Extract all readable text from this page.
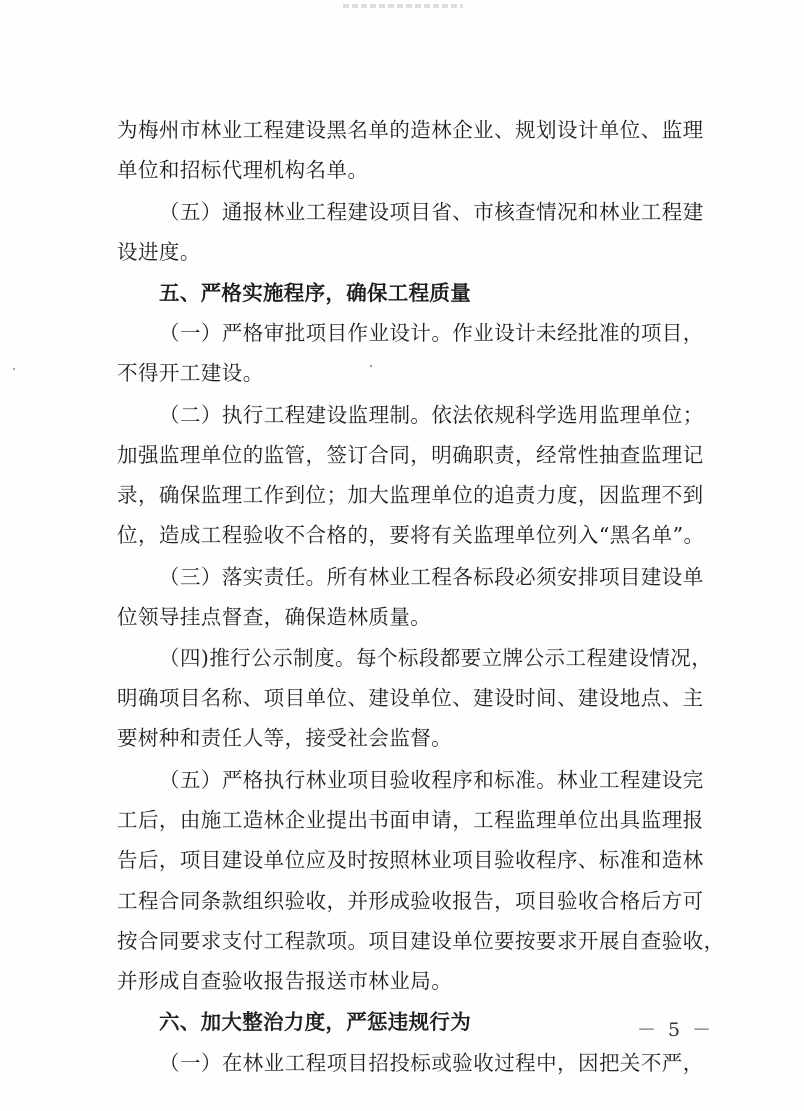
为梅州市林业工程建设黑名单的造林企业、规划设计单位、监理
单位和招标代理机构名单。
（五）通报林业工程建设项目省、市核查情况和林业工程建
设进度。
五、严格实施程序，确保工程质量
（一）严格审批项目作业设计。作业设计未经批准的项目，
不得开工建设。
（二）执行工程建设监理制。依法依规科学选用监理单位；
加强监理单位的监管，签订合同，明确职责，经常性抽查监理记
录，确保监理工作到位；加大监理单位的追责力度，因监理不到
位，造成工程验收不合格的，要将有关监理单位列入“黑名单”。
（三）落实责任。所有林业工程各标段必须安排项目建设单
位领导挂点督查，确保造林质量。
（四)推行公示制度。每个标段都要立牌公示工程建设情况，
明确项目名称、项目单位、建设单位、建设时间、建设地点、主
要树种和责任人等，接受社会监督。
（五）严格执行林业项目验收程序和标准。林业工程建设完
工后，由施工造林企业提出书面申请，工程监理单位出具监理报
告后，项目建设单位应及时按照林业项目验收程序、标准和造林
工程合同条款组织验收，并形成验收报告，项目验收合格后方可
按合同要求支付工程款项。项目建设单位要按要求开展自查验收，
并形成自查验收报告报送市林业局。
六、加大整治力度，严惩违规行为
（一）在林业工程项目招投标或验收过程中，因把关不严，
－ 5 －
